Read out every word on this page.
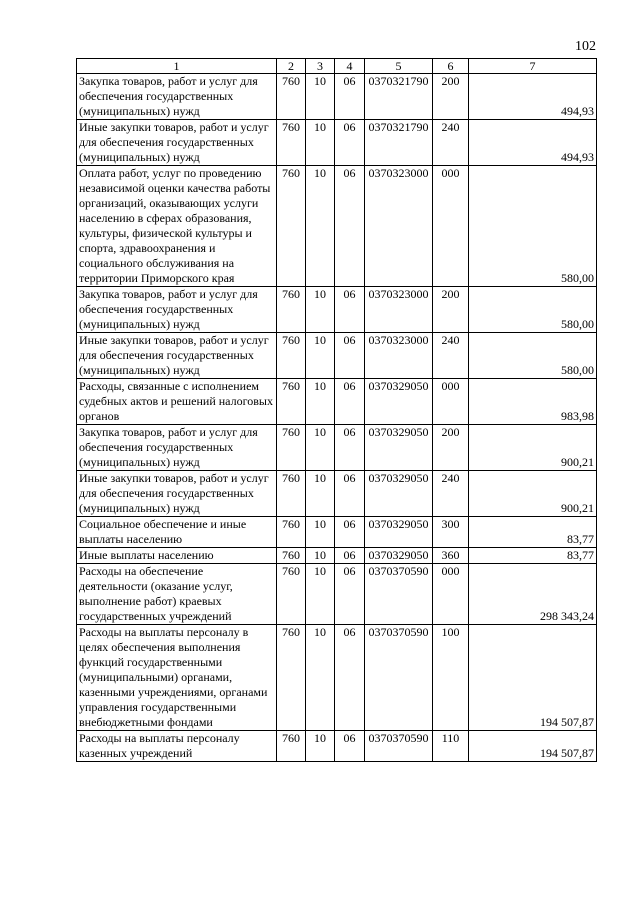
102
1	2	3	4	5	6	7
Закупка товаров, работ и услуг для обеспечения государственных (муниципальных) нужд	760	10	06	0370321790	200	494,93
Иные закупки товаров, работ и услуг для обеспечения государственных (муниципальных) нужд	760	10	06	0370321790	240	494,93
Оплата работ, услуг по проведению независимой оценки качества работы организаций, оказывающих услуги населению в сферах образования, культуры, физической культуры и спорта, здравоохранения и социального обслуживания на территории Приморского края	760	10	06	0370323000	000	580,00
Закупка товаров, работ и услуг для обеспечения государственных (муниципальных) нужд	760	10	06	0370323000	200	580,00
Иные закупки товаров, работ и услуг для обеспечения государственных (муниципальных) нужд	760	10	06	0370323000	240	580,00
Расходы, связанные с исполнением судебных актов и решений налоговых органов	760	10	06	0370329050	000	983,98
Закупка товаров, работ и услуг для обеспечения государственных (муниципальных) нужд	760	10	06	0370329050	200	900,21
Иные закупки товаров, работ и услуг для обеспечения государственных (муниципальных) нужд	760	10	06	0370329050	240	900,21
Социальное обеспечение и иные выплаты населению	760	10	06	0370329050	300	83,77
Иные выплаты населению	760	10	06	0370329050	360	83,77
Расходы на обеспечение деятельности (оказание услуг, выполнение работ) краевых государственных учреждений	760	10	06	0370370590	000	298 343,24
Расходы на выплаты персоналу в целях обеспечения выполнения функций государственными (муниципальными) органами, казенными учреждениями, органами управления государственными внебюджетными фондами	760	10	06	0370370590	100	194 507,87
Расходы на выплаты персоналу казенных учреждений	760	10	06	0370370590	110	194 507,87
